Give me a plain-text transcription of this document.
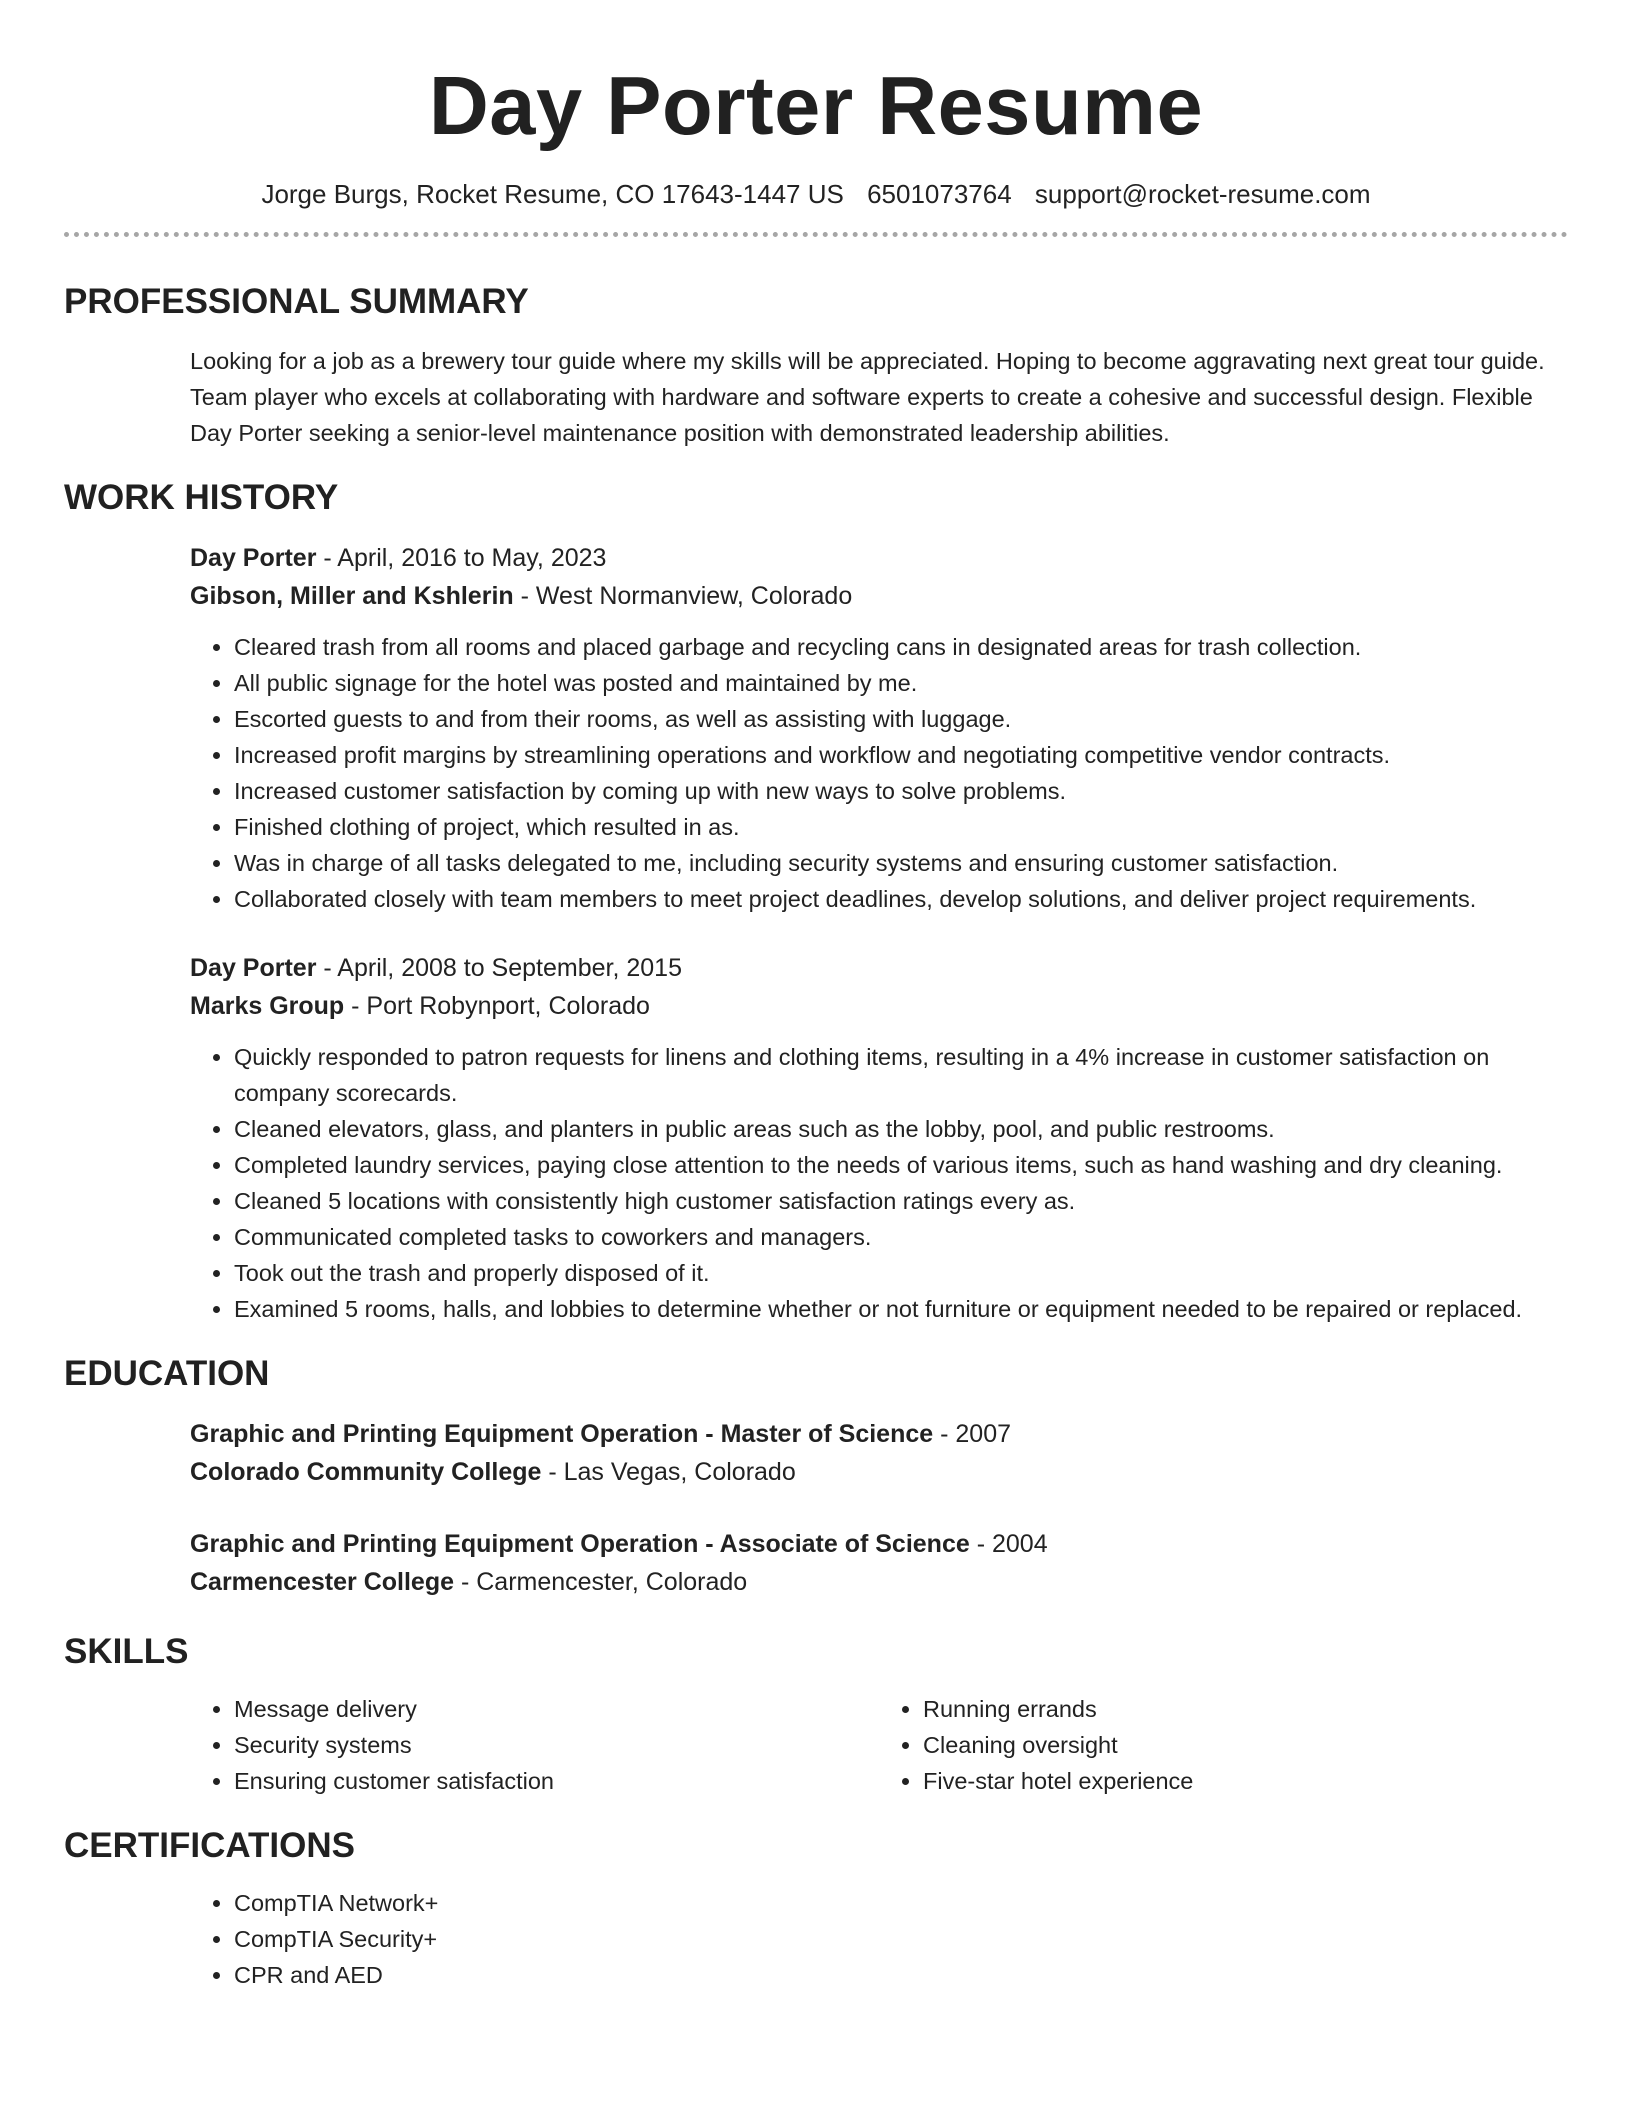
Day Porter Resume
Jorge Burgs, Rocket Resume, CO 17643-1447 US 6501073764 support@rocket-resume.com
PROFESSIONAL SUMMARY

Looking for a job as a brewery tour guide where my skills will be appreciated. Hoping to become aggravating next great tour guide. Team player who excels at collaborating with hardware and software experts to create a cohesive and successful design. Flexible Day Porter seeking a senior-level maintenance position with demonstrated leadership abilities.

WORK HISTORY
Day Porter - April, 2016 to May, 2023
Gibson, Miller and Kshlerin - West Normanview, Colorado
• Cleared trash from all rooms and placed garbage and recycling cans in designated areas for trash collection.
• All public signage for the hotel was posted and maintained by me.
• Escorted guests to and from their rooms, as well as assisting with luggage.
• Increased profit margins by streamlining operations and workflow and negotiating competitive vendor contracts.
• Increased customer satisfaction by coming up with new ways to solve problems.
• Finished clothing of project, which resulted in as.
• Was in charge of all tasks delegated to me, including security systems and ensuring customer satisfaction.
• Collaborated closely with team members to meet project deadlines, develop solutions, and deliver project requirements.
Day Porter - April, 2008 to September, 2015
Marks Group - Port Robynport, Colorado
• Quickly responded to patron requests for linens and clothing items, resulting in a 4% increase in customer satisfaction on company scorecards.
• Cleaned elevators, glass, and planters in public areas such as the lobby, pool, and public restrooms.
• Completed laundry services, paying close attention to the needs of various items, such as hand washing and dry cleaning.
• Cleaned 5 locations with consistently high customer satisfaction ratings every as.
• Communicated completed tasks to coworkers and managers.
• Took out the trash and properly disposed of it.
• Examined 5 rooms, halls, and lobbies to determine whether or not furniture or equipment needed to be repaired or replaced.
EDUCATION
Graphic and Printing Equipment Operation - Master of Science - 2007
Colorado Community College - Las Vegas, Colorado
Graphic and Printing Equipment Operation - Associate of Science - 2004
Carmencester College - Carmencester, Colorado
SKILLS
• Message delivery
• Security systems
• Ensuring customer satisfaction
• Running errands
• Cleaning oversight
• Five-star hotel experience
CERTIFICATIONS
• CompTIA Network+
• CompTIA Security+
• CPR and AED
